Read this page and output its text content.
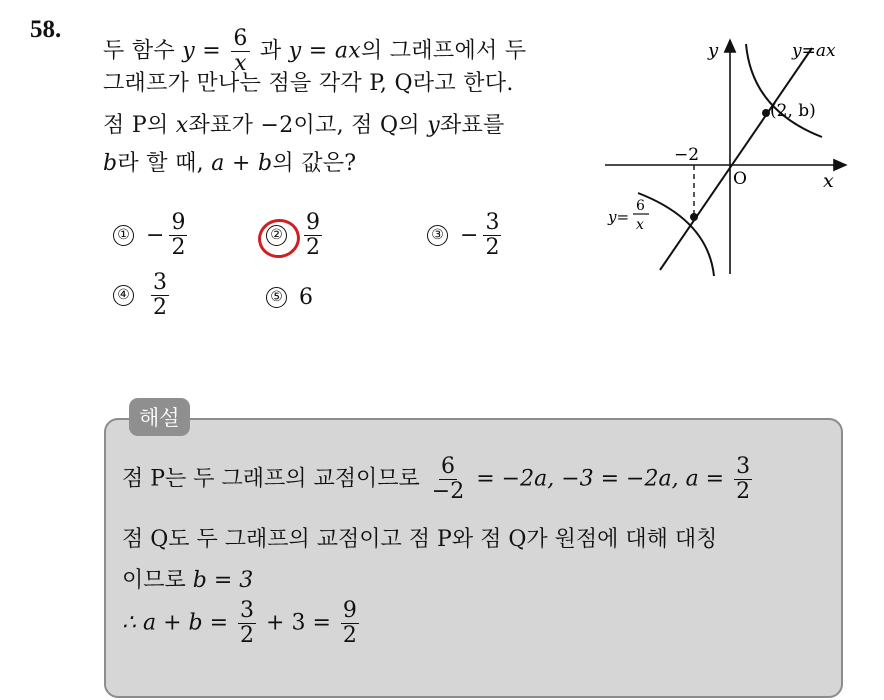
58.
두 함수 $y = \frac{6}{x}$ 과 y = ax의 그래프에서 두
그래프가 만나는 점을 각각 P, Q라고 한다.
점 P의 x좌표가 −2이고, 점 Q의 y좌표를
b라 할 때, a + b의 값은?
① − $\frac{9}{2}$	② $\frac{9}{2}$	③ − $\frac{3}{2}$
④ $\frac{3}{2}$	⑤ 6
y
x
O
y=ax
(2, b)
−2
y=
6
x
해설
점 P는 두 그래프의 교점이므로 $\frac{6}{-2} = -2a$, −3 = −2a, $a = \frac{3}{2}$
점 Q도 두 그래프의 교점이고 점 P와 점 Q가 원점에 대해 대칭
이므로 b = 3
∴ $a + b = \frac{3}{2} + 3 = \frac{9}{2}$
